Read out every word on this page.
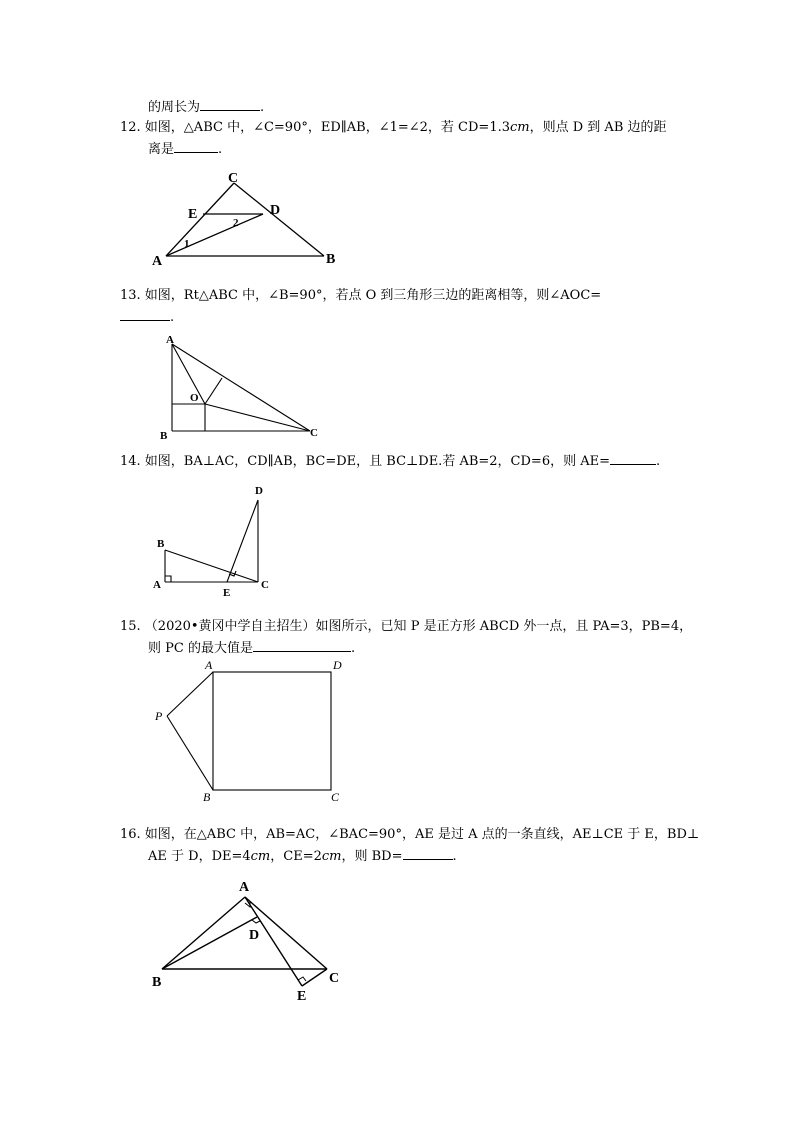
的周长为	.
12. 如图，△ABC 中，∠C=90°，ED∥AB，∠1=∠2，若 CD=1.3cm，则点 D 到 AB 边的距
离是	.
C
E	D
A	B
2
1
13. 如图，Rt△ABC 中，∠B=90°，若点 O 到三角形三边的距离相等，则∠AOC=
.
A
O
B	C
14. 如图，BA⊥AC，CD∥AB，BC=DE，且 BC⊥DE.若 AB=2，CD=6，则 AE=	.
D
B
A
E
C
15. （2020•黄冈中学自主招生）如图所示，已知 P 是正方形 ABCD 外一点，且 PA=3，PB=4，
则 PC 的最大值是	.
A	D
P
B	C
16. 如图，在△ABC 中，AB=AC，∠BAC=90°，AE 是过 A 点的一条直线，AE⊥CE 于 E，BD⊥
AE 于 D，DE=4cm，CE=2cm，则 BD=	.
A
D
B
E
C
